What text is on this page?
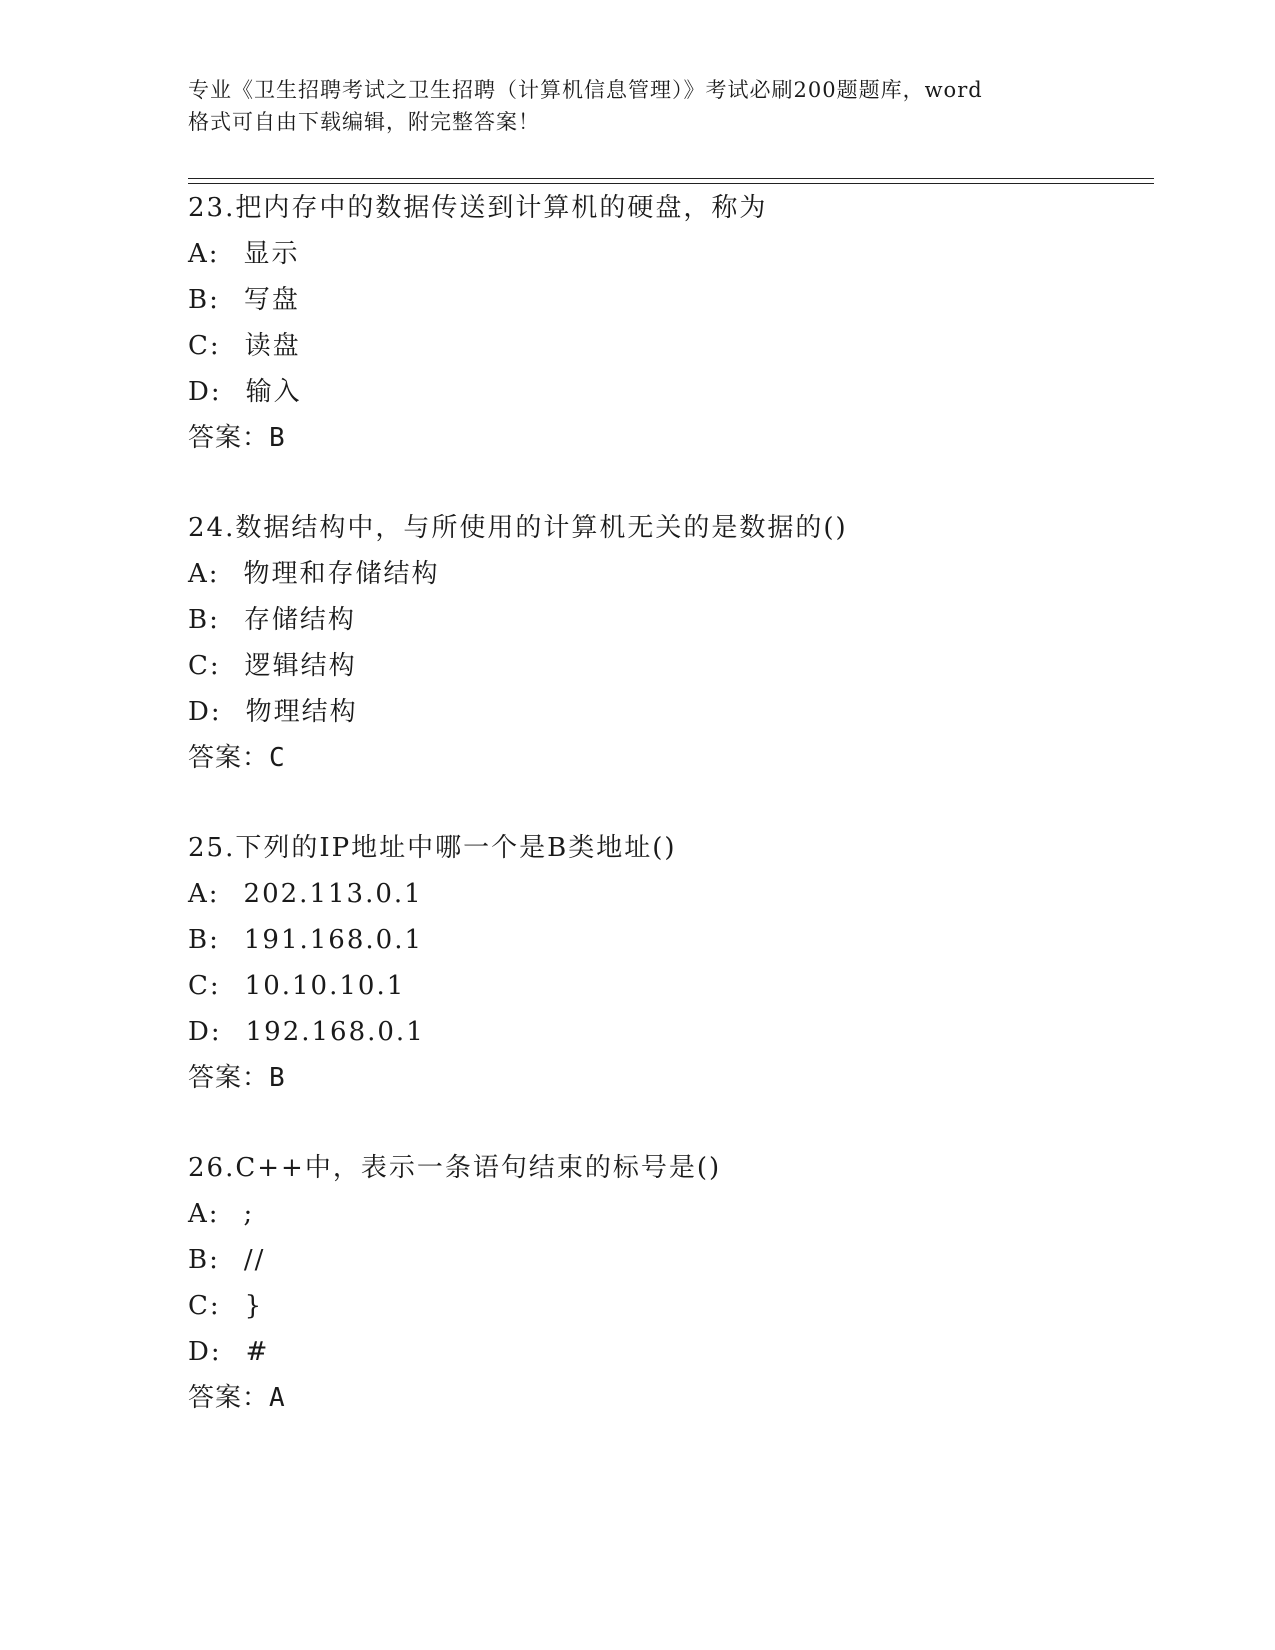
专业《卫生招聘考试之卫生招聘（计算机信息管理）》考试必刷200题题库，word

格式可自由下载编辑，附完整答案！

23.把内存中的数据传送到计算机的硬盘，称为
A: 显示
B: 写盘
C: 读盘
D: 输入
答案：B
24.数据结构中，与所使用的计算机无关的是数据的()
A: 物理和存储结构
B: 存储结构
C: 逻辑结构
D: 物理结构
答案：C
25.下列的IP地址中哪一个是B类地址()
A: 202.113.0.1
B: 191.168.0.1
C: 10.10.10.1
D: 192.168.0.1
答案：B
26.C++中，表示一条语句结束的标号是()
A: ;
B: //
C: }
D: #
答案：A
